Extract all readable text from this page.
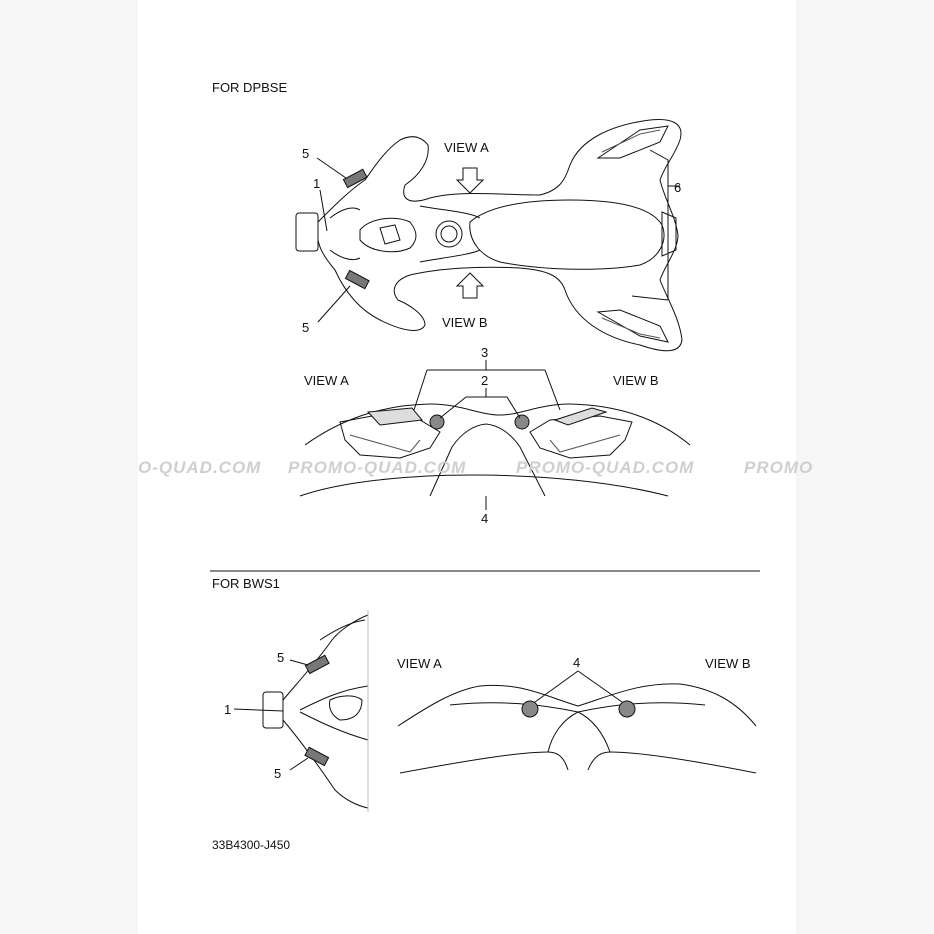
FOR DPBSE
VIEW A
VIEW B
5
1
5
6
VIEW A	VIEW B
3
2
4
O-QUAD.COM PROMO-QUAD.COM	PROMO-QUAD.COM	PROMO
FOR BWS1
5
1
5
VIEW A	VIEW B
4
33B4300-J450
